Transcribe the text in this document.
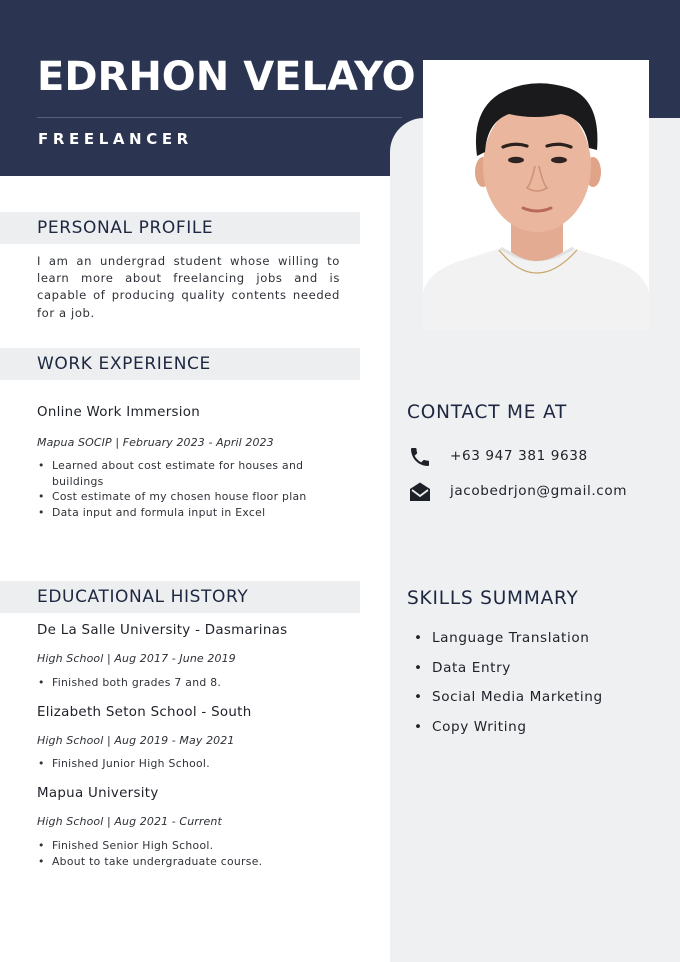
EDRHON VELAYO
FREELANCER
PERSONAL PROFILE
I am an undergrad student whose willing to learn more about freelancing jobs and is capable of producing quality contents needed for a job.
WORK EXPERIENCE
Online Work Immersion
Mapua SOCIP | February 2023 - April 2023
• Learned about cost estimate for houses and buildings
• Cost estimate of my chosen house floor plan
• Data input and formula input in Excel
EDUCATIONAL HISTORY
De La Salle University - Dasmarinas
High School | Aug 2017 - June 2019
• Finished both grades 7 and 8.
Elizabeth Seton School - South
High School | Aug 2019 - May 2021
• Finished Junior High School.
Mapua University
High School | Aug 2021 - Current
• Finished Senior High School.
• About to take undergraduate course.
CONTACT ME AT
+63 947 381 9638
jacobedrjon@gmail.com
SKILLS SUMMARY
• Language Translation
• Data Entry
• Social Media Marketing
• Copy Writing
